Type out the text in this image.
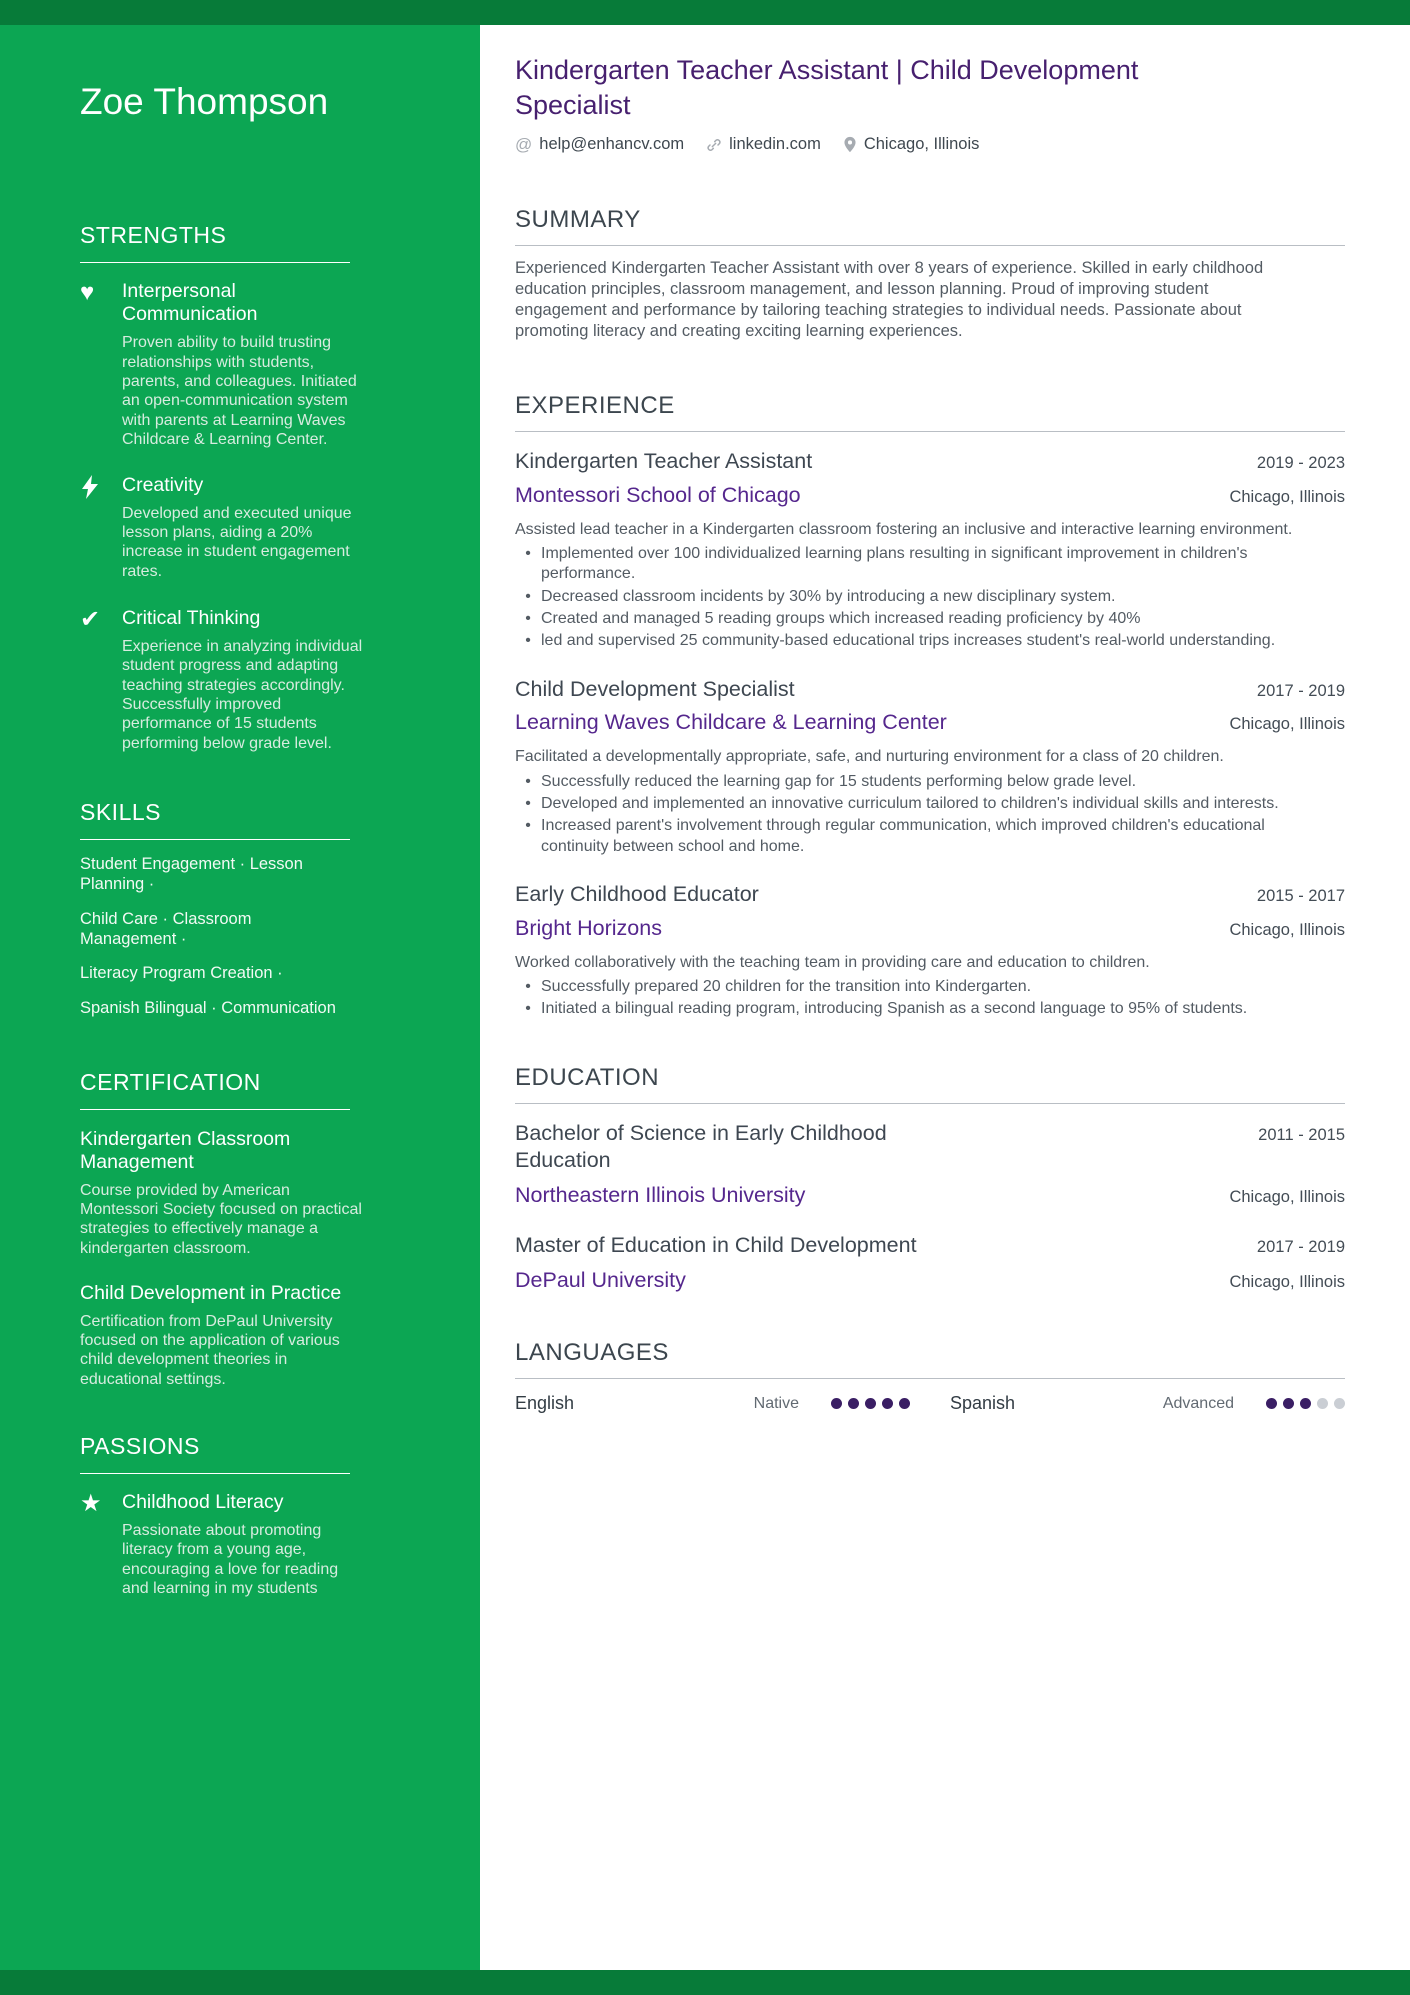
Zoe Thompson
STRENGTHS
♥	Interpersonal Communication
Proven ability to build trusting relationships with students, parents, and colleagues. Initiated an open-communication system with parents at Learning Waves Childcare & Learning Center.
Creativity
Developed and executed unique lesson plans, aiding a 20% increase in student engagement rates.
✔	Critical Thinking
Experience in analyzing individual student progress and adapting teaching strategies accordingly. Successfully improved performance of 15 students performing below grade level.
SKILLS
Student Engagement · Lesson Planning ·
Child Care · Classroom Management ·
Literacy Program Creation ·
Spanish Bilingual · Communication
CERTIFICATION
Kindergarten Classroom Management
Course provided by American Montessori Society focused on practical strategies to effectively manage a kindergarten classroom.
Child Development in Practice
Certification from DePaul University focused on the application of various child development theories in educational settings.
PASSIONS
★	Childhood Literacy
Passionate about promoting literacy from a young age, encouraging a love for reading and learning in my students
Kindergarten Teacher Assistant | Child Development Specialist
@ help@enhancv.com	linkedin.com	Chicago, Illinois
SUMMARY
Experienced Kindergarten Teacher Assistant with over 8 years of experience. Skilled in early childhood education principles, classroom management, and lesson planning. Proud of improving student engagement and performance by tailoring teaching strategies to individual needs. Passionate about promoting literacy and creating exciting learning experiences.
EXPERIENCE
Kindergarten Teacher Assistant	2019 - 2023
Montessori School of Chicago	Chicago, Illinois
Assisted lead teacher in a Kindergarten classroom fostering an inclusive and interactive learning environment.
• Implemented over 100 individualized learning plans resulting in significant improvement in children's performance.
• Decreased classroom incidents by 30% by introducing a new disciplinary system.
• Created and managed 5 reading groups which increased reading proficiency by 40%
• led and supervised 25 community-based educational trips increases student's real-world understanding.
Child Development Specialist	2017 - 2019
Learning Waves Childcare & Learning Center	Chicago, Illinois
Facilitated a developmentally appropriate, safe, and nurturing environment for a class of 20 children.
• Successfully reduced the learning gap for 15 students performing below grade level.
• Developed and implemented an innovative curriculum tailored to children's individual skills and interests.
• Increased parent's involvement through regular communication, which improved children's educational continuity between school and home.
Early Childhood Educator	2015 - 2017
Bright Horizons	Chicago, Illinois
Worked collaboratively with the teaching team in providing care and education to children.
• Successfully prepared 20 children for the transition into Kindergarten.
• Initiated a bilingual reading program, introducing Spanish as a second language to 95% of students.
EDUCATION
Bachelor of Science in Early Childhood Education
2011 - 2015
Northeastern Illinois University	Chicago, Illinois
Master of Education in Child Development	2017 - 2019
DePaul University	Chicago, Illinois
LANGUAGES
English	Native	Spanish	Advanced
